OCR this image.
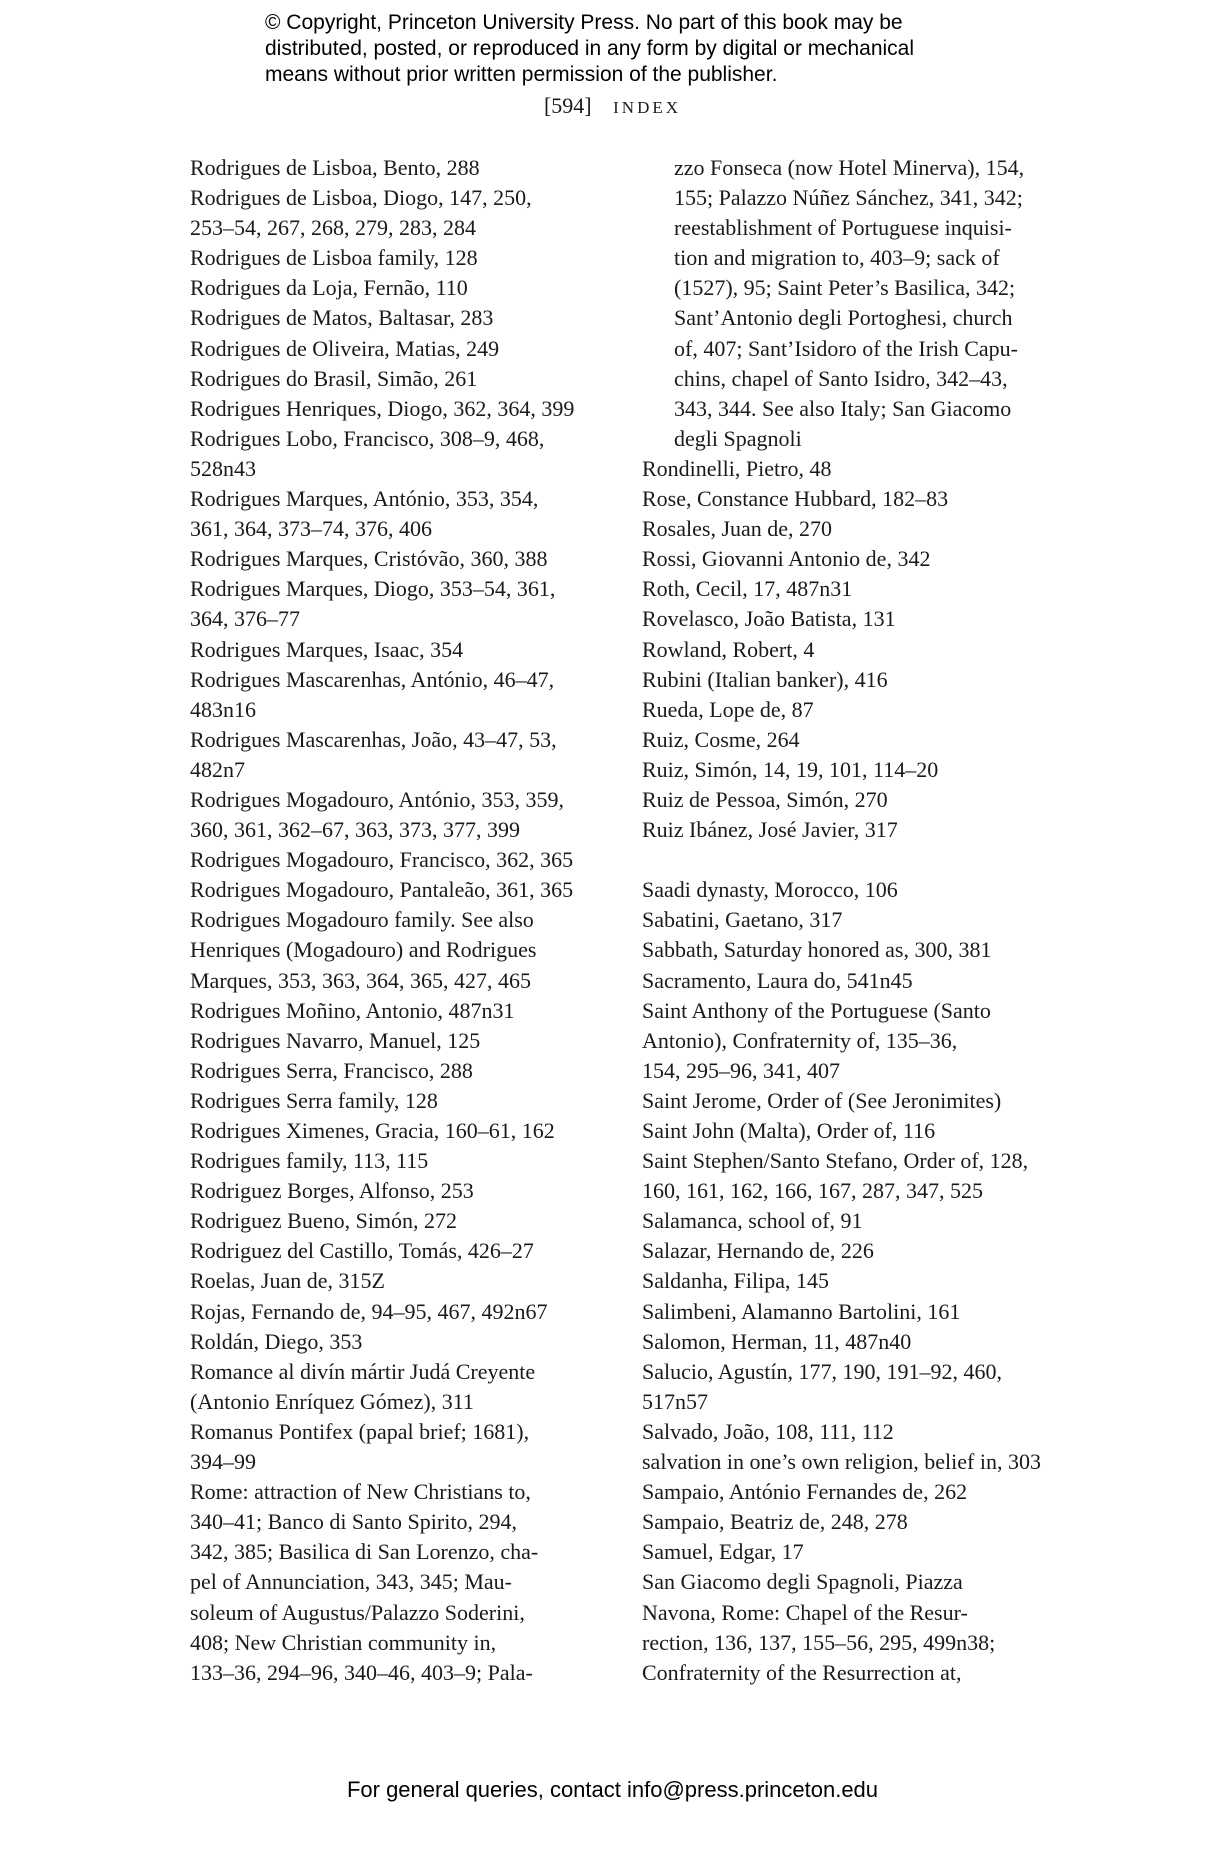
© Copyright, Princeton University Press. No part of this book may be

distributed, posted, or reproduced in any form by digital or mechanical

means without prior written permission of the publisher.

[594] INDEX
Rodrigues de Lisboa, Bento, 288
Rodrigues de Lisboa, Diogo, 147, 250,
253–54, 267, 268, 279, 283, 284
Rodrigues de Lisboa family, 128
Rodrigues da Loja, Fernão, 110
Rodrigues de Matos, Baltasar, 283
Rodrigues de Oliveira, Matias, 249
Rodrigues do Brasil, Simão, 261
Rodrigues Henriques, Diogo, 362, 364, 399
Rodrigues Lobo, Francisco, 308–9, 468,
528n43
Rodrigues Marques, António, 353, 354,
361, 364, 373–74, 376, 406
Rodrigues Marques, Cristóvão, 360, 388
Rodrigues Marques, Diogo, 353–54, 361,
364, 376–77
Rodrigues Marques, Isaac, 354
Rodrigues Mascarenhas, António, 46–47,
483n16
Rodrigues Mascarenhas, João, 43–47, 53,
482n7
Rodrigues Mogadouro, António, 353, 359,
360, 361, 362–67, 363, 373, 377, 399
Rodrigues Mogadouro, Francisco, 362, 365
Rodrigues Mogadouro, Pantaleão, 361, 365
Rodrigues Mogadouro family. See also
Henriques (Mogadouro) and Rodrigues
Marques, 353, 363, 364, 365, 427, 465
Rodrigues Moñino, Antonio, 487n31
Rodrigues Navarro, Manuel, 125
Rodrigues Serra, Francisco, 288
Rodrigues Serra family, 128
Rodrigues Ximenes, Gracia, 160–61, 162
Rodrigues family, 113, 115
Rodriguez Borges, Alfonso, 253
Rodriguez Bueno, Simón, 272
Rodriguez del Castillo, Tomás, 426–27
Roelas, Juan de, 315Z
Rojas, Fernando de, 94–95, 467, 492n67
Roldán, Diego, 353
Romance al divín mártir Judá Creyente
(Antonio Enríquez Gómez), 311
Romanus Pontifex (papal brief; 1681),
394–99
Rome: attraction of New Christians to,
340–41; Banco di Santo Spirito, 294,
342, 385; Basilica di San Lorenzo, cha-
pel of Annunciation, 343, 345; Mau-
soleum of Augustus/Palazzo Soderini,
408; New Christian community in,
133–36, 294–96, 340–46, 403–9; Pala-
zzo Fonseca (now Hotel Minerva), 154,
155; Palazzo Núñez Sánchez, 341, 342;
reestablishment of Portuguese inquisi-
tion and migration to, 403–9; sack of
(1527), 95; Saint Peter’s Basilica, 342;
Sant’Antonio degli Portoghesi, church
of, 407; Sant’Isidoro of the Irish Capu-
chins, chapel of Santo Isidro, 342–43,
343, 344. See also Italy; San Giacomo
degli Spagnoli
Rondinelli, Pietro, 48
Rose, Constance Hubbard, 182–83
Rosales, Juan de, 270
Rossi, Giovanni Antonio de, 342
Roth, Cecil, 17, 487n31
Rovelasco, João Batista, 131
Rowland, Robert, 4
Rubini (Italian banker), 416
Rueda, Lope de, 87
Ruiz, Cosme, 264
Ruiz, Simón, 14, 19, 101, 114–20
Ruiz de Pessoa, Simón, 270
Ruiz Ibánez, José Javier, 317
Saadi dynasty, Morocco, 106
Sabatini, Gaetano, 317
Sabbath, Saturday honored as, 300, 381
Sacramento, Laura do, 541n45
Saint Anthony of the Portuguese (Santo
Antonio), Confraternity of, 135–36,
154, 295–96, 341, 407
Saint Jerome, Order of (See Jeronimites)
Saint John (Malta), Order of, 116
Saint Stephen/Santo Stefano, Order of, 128,
160, 161, 162, 166, 167, 287, 347, 525
Salamanca, school of, 91
Salazar, Hernando de, 226
Saldanha, Filipa, 145
Salimbeni, Alamanno Bartolini, 161
Salomon, Herman, 11, 487n40
Salucio, Agustín, 177, 190, 191–92, 460,
517n57
Salvado, João, 108, 111, 112
salvation in one’s own religion, belief in, 303
Sampaio, António Fernandes de, 262
Sampaio, Beatriz de, 248, 278
Samuel, Edgar, 17
San Giacomo degli Spagnoli, Piazza
Navona, Rome: Chapel of the Resur-
rection, 136, 137, 155–56, 295, 499n38;
Confraternity of the Resurrection at,
For general queries, contact info@press.princeton.edu
